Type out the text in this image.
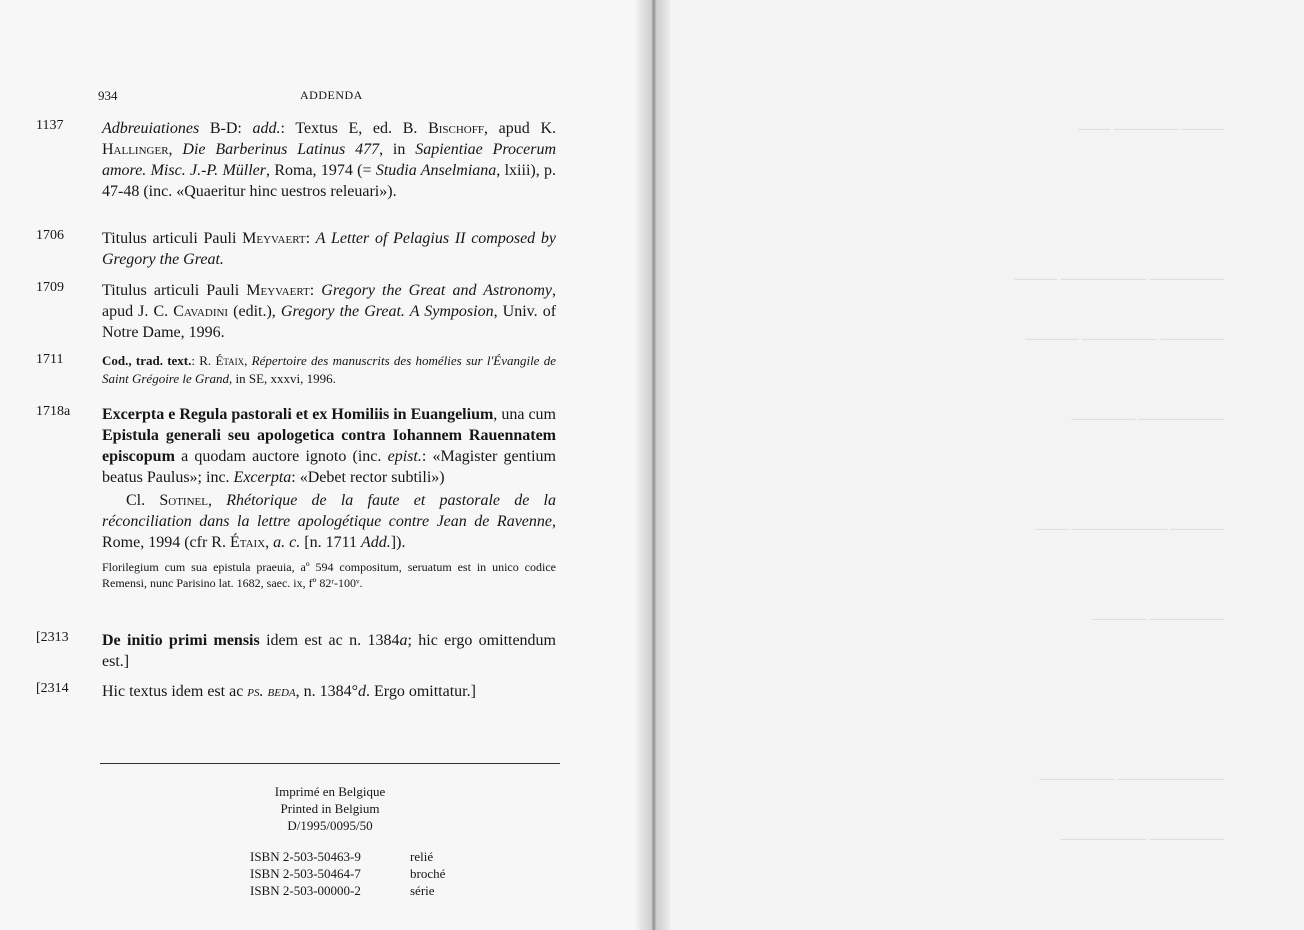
934	ADDENDA
1137 Adbreuiationes B-D: add.: Textus E, ed. B. Bischoff, apud K. Hallinger, Die Barberinus Latinus 477, in Sapientiae Procerum amore. Misc. J.-P. Müller, Roma, 1974 (= Studia Anselmiana, lxiii), p. 47-48 (inc. «Quaeritur hinc uestros releuari»).
1706 Titulus articuli Pauli Meyvaert: A Letter of Pelagius II composed by Gregory the Great.
1709 Titulus articuli Pauli Meyvaert: Gregory the Great and Astronomy, apud J. C. Cavadini (edit.), Gregory the Great. A Symposion, Univ. of Notre Dame, 1996.
1711	Cod., trad. text.: R. Étaix, Répertoire des manuscrits des homélies sur l'Évangile de Saint Grégoire le Grand, in SE, xxxvi, 1996.
1718a Excerpta e Regula pastorali et ex Homiliis in Euangelium, una cum Epistula generali seu apologetica contra Iohannem Rauennatem episcopum a quodam auctore ignoto (inc. epist.: «Magister gentium beatus Paulus»; inc. Excerpta: «Debet rector subtili»)
Cl. Sotinel, Rhétorique de la faute et pastorale de la réconciliation dans la lettre apologétique contre Jean de Ravenne, Rome, 1994 (cfr R. Étaix, a. c. [n. 1711 Add.]).
Florilegium cum sua epistula praeuia, aº 594 compositum, seruatum est in unico codice Remensi, nunc Parisino lat. 1682, saec. ix, fº 82ʳ-100ᵛ.
[2313 De initio primi mensis idem est ac n. 1384a; hic ergo omittendum est.]
[2314 Hic textus idem est ac ps. beda, n. 1384°d. Ergo omittatur.]
Imprimé en Belgique
Printed in Belgium
D/1995/0095/50
ISBN 2-503-50463-9	relié
ISBN 2-503-50464-7	broché
ISBN 2-503-00000-2	série
──── ────── ───
─────── ──────── ────
────── ─────── ─────
──────── ──────
───── ───────── ───
─────── ─────
────────── ───────
─────── ────────
